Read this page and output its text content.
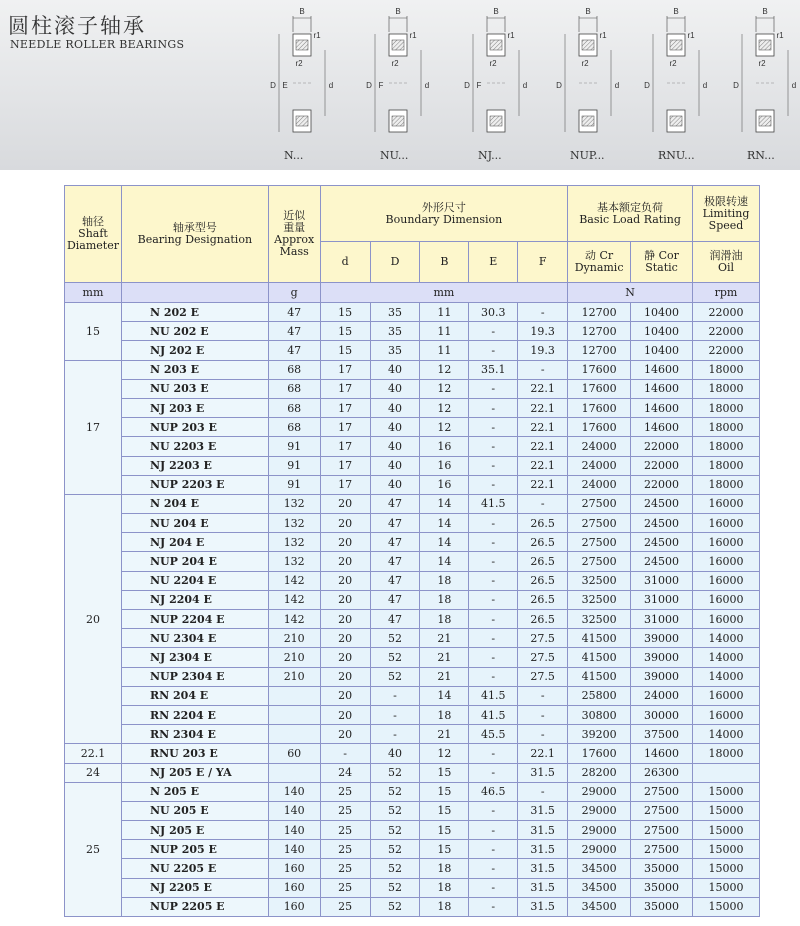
圆柱滚子轴承
NEEDLE ROLLER BEARINGS
B
D	d
r1
r2
E
B
D	d
r1
r2
F
B
D	d
r1
r2
F
B
D	d
r1
r2
B
D	d
r1
r2
B
D	d
r1
r2
N...	NU...	NJ...	NUP...	RNU...	RN...
轴径
Shaft
Diameter	轴承型号
Bearing Designation	近似
重量
Approx
Mass	外形尺寸
Boundary Dimension					基本额定负荷
Basic Load Rating		极限转速
Limiting
Speed
			d	D	B	E	F	动 Cr
Dynamic	静 Cor
Static	润滑油
Oil
mm		g	mm					N		rpm
15	N 202 E	47	15	35	11	30.3	-	12700	10400	22000
	NU 202 E	47	15	35	11	-	19.3	12700	10400	22000
	NJ 202 E	47	15	35	11	-	19.3	12700	10400	22000
17	N 203 E	68	17	40	12	35.1	-	17600	14600	18000
	NU 203 E	68	17	40	12	-	22.1	17600	14600	18000
	NJ 203 E	68	17	40	12	-	22.1	17600	14600	18000
	NUP 203 E	68	17	40	12	-	22.1	17600	14600	18000
	NU 2203 E	91	17	40	16	-	22.1	24000	22000	18000
	NJ 2203 E	91	17	40	16	-	22.1	24000	22000	18000
	NUP 2203 E	91	17	40	16	-	22.1	24000	22000	18000
20	N 204 E	132	20	47	14	41.5	-	27500	24500	16000
	NU 204 E	132	20	47	14	-	26.5	27500	24500	16000
	NJ 204 E	132	20	47	14	-	26.5	27500	24500	16000
	NUP 204 E	132	20	47	14	-	26.5	27500	24500	16000
	NU 2204 E	142	20	47	18	-	26.5	32500	31000	16000
	NJ 2204 E	142	20	47	18	-	26.5	32500	31000	16000
	NUP 2204 E	142	20	47	18	-	26.5	32500	31000	16000
	NU 2304 E	210	20	52	21	-	27.5	41500	39000	14000
	NJ 2304 E	210	20	52	21	-	27.5	41500	39000	14000
	NUP 2304 E	210	20	52	21	-	27.5	41500	39000	14000
	RN 204 E		20	-	14	41.5	-	25800	24000	16000
	RN 2204 E		20	-	18	41.5	-	30800	30000	16000
	RN 2304 E		20	-	21	45.5	-	39200	37500	14000
22.1	RNU 203 E	60	-	40	12	-	22.1	17600	14600	18000
24	NJ 205 E / YA		24	52	15	-	31.5	28200	26300	
25	N 205 E	140	25	52	15	46.5	-	29000	27500	15000
	NU 205 E	140	25	52	15	-	31.5	29000	27500	15000
	NJ 205 E	140	25	52	15	-	31.5	29000	27500	15000
	NUP 205 E	140	25	52	15	-	31.5	29000	27500	15000
	NU 2205 E	160	25	52	18	-	31.5	34500	35000	15000
	NJ 2205 E	160	25	52	18	-	31.5	34500	35000	15000
	NUP 2205 E	160	25	52	18	-	31.5	34500	35000	15000
